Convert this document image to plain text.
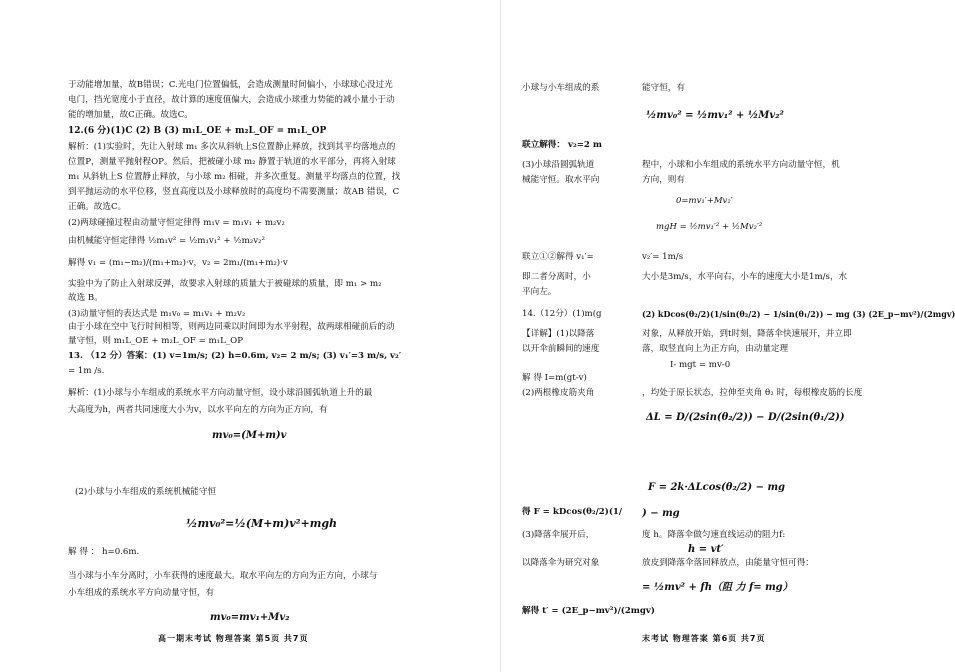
于动能增加量，故B错误；C.光电门位置偏低，会造成测量时间偏小，小球球心没过光
电门，挡光宽度小于直径，故计算的速度值偏大，会造成小球重力势能的减小量小于动
能的增加量，故C正确。故选C。
12.(6 分)(1)C (2) B (3) m₁L_OE + m₂L_OF = m₁L_OP
解析：(1)实验时，先让入射球 m₁ 多次从斜轨上S位置静止释放，找到其平均落地点的
位置P，测量平抛射程OP。然后，把被碰小球 m₂ 静置于轨道的水平部分，再将入射球
m₁ 从斜轨上S 位置静止释放，与小球 m₂ 相碰，并多次重复。测量平均落点的位置，找
到平抛运动的水平位移，竖直高度以及小球释放时的高度均不需要测量；故AB 错误，C
正确。故选C。
(2)两球碰撞过程由动量守恒定律得 m₁v = m₁v₁ + m₂v₂
由机械能守恒定律得 ½m₁v² = ½m₁v₁² + ½m₂v₂²
解得 v₁ = (m₁−m₂)/(m₁+m₂)·v，v₂ = 2m₁/(m₁+m₂)·v
实验中为了防止入射球反弹，故要求入射球的质量大于被碰球的质量，即 m₁ > m₂
故选 B。
(3)动量守恒的表达式是 m₁v₀ = m₁v₁ + m₂v₂
由于小球在空中飞行时间相等，则两边同乘以时间即为水平射程，故两球相碰前后的动
量守恒，则 m₁L_OE + m₂L_OF = m₁L_OP
13. （12 分）答案：(1) v=1m/s; (2) h=0.6m, v₂= 2 m/s; (3) v₁′=3 m/s, v₂′
= 1m /s.
解析：(1)小球与小车组成的系统水平方向动量守恒，设小球沿圆弧轨道上升的最
大高度为h，两者共同速度大小为v，以水平向左的方向为正方向，有
mv₀=(M+m)v
(2)小球与小车组成的系统机械能守恒
½mv₀²=½(M+m)v²+mgh
解 得 ： h=0.6m.
当小球与小车分离时，小车获得的速度最大。取水平向左的方向为正方向，小球与
小车组成的系统水平方向动量守恒，有
mv₀=mv₁+Mv₂
高一期末考试 物理答案 第5页 共7页
小球与小车组成的系
联立解得： v₂=2 m
(3)小球沿圆弧轨道
械能守恒。取水平向
联立①②解得 v₁′=
即二者分离时，小
平向左。
14.（12分）(1)m(g
【详解】(1)以降落
以开伞前瞬间的速度
解 得 I=m(gt-v)
(2)两根橡皮筋夹角
得 F = kDcos(θ₂/2)(1/
(3)降落伞展开后，
以降落伞为研究对象
解得 t′ = (2E_p−mv²)/(2mgv)
能守恒，有
½mv₀² = ½mv₁² + ½Mv₂²
程中，小球和小车组成的系统水平方向动量守恒，机
方向，则有
0=mv₁′+Mv₂′
mgH = ½mv₁′² + ½Mv₂′²
v₂′= 1m/s
大小是3m/s，水平向右，小车的速度大小是1m/s，水
(2) kDcos(θ₂/2)(1/sin(θ₂/2) − 1/sin(θ₁/2)) − mg (3) (2E_p−mv²)/(2mgv)
对象，从释放开始，到t时刻，降落伞快速展开，并立即
落，取竖直向上为正方向，由动量定理
I- mgt = mv-0
，均处于原长状态，拉伸至夹角 θ₂ 时，每根橡皮筋的长度
ΔL = D/(2sin(θ₂/2)) − D/(2sin(θ₁/2))
F = 2k·ΔLcos(θ₂/2) − mg
) − mg
度 h。降落伞做匀速直线运动的阻力f:
h = vt′
放皮到降落伞落回释放点，由能量守恒可得：
= ½mv² + fh（阻 力 f= mg）
末考试 物理答案 第6页 共7页
